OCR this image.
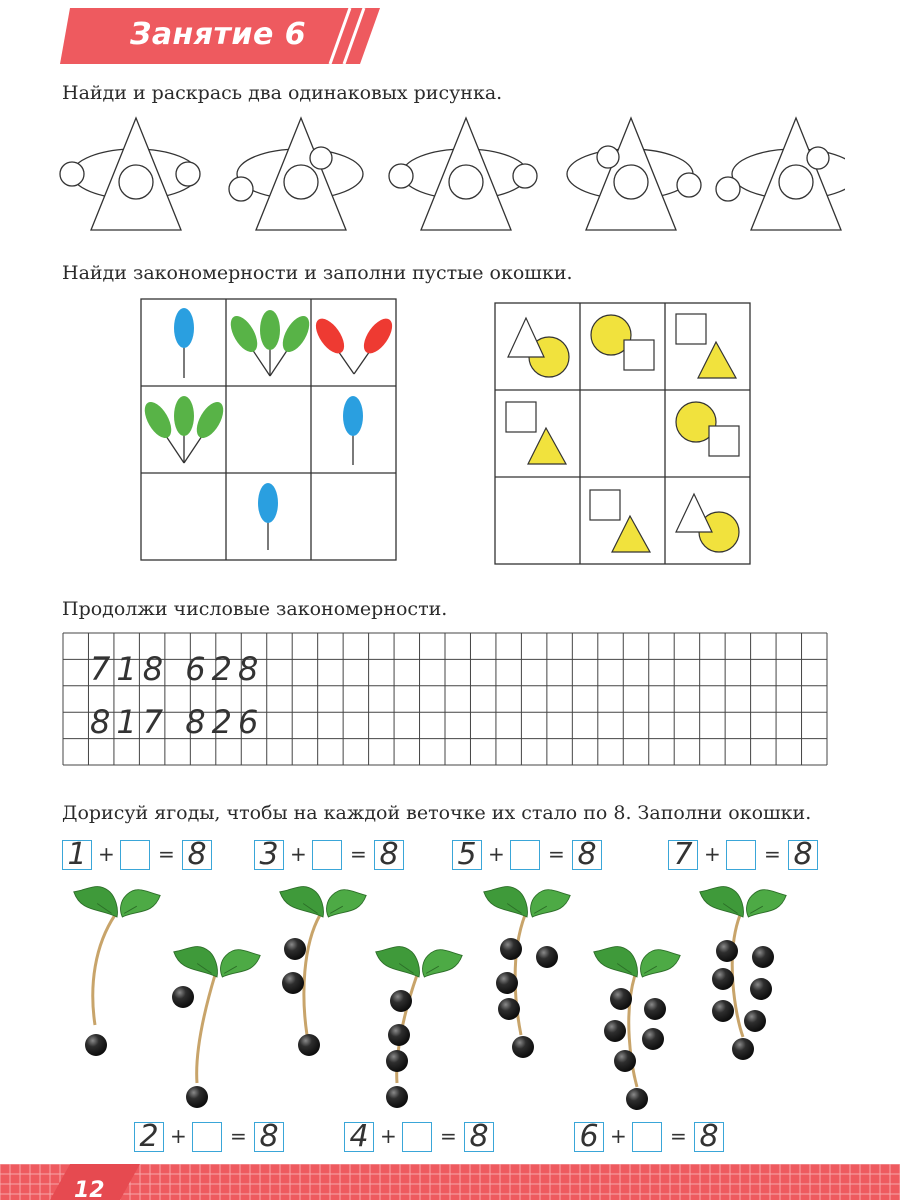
Занятие 6
Найди и раскрась два одинаковых рисунка.
Найди закономерности и заполни пустые окошки.
Продолжи числовые закономерности.
718 628
817 826
Дорисуй ягоды, чтобы на каждой веточке их стало по 8. Заполни окошки.
1 + = 8 3 + = 8 5 + = 8	7 + = 8
2 + = 8 4 + = 8	6 + = 8
12
